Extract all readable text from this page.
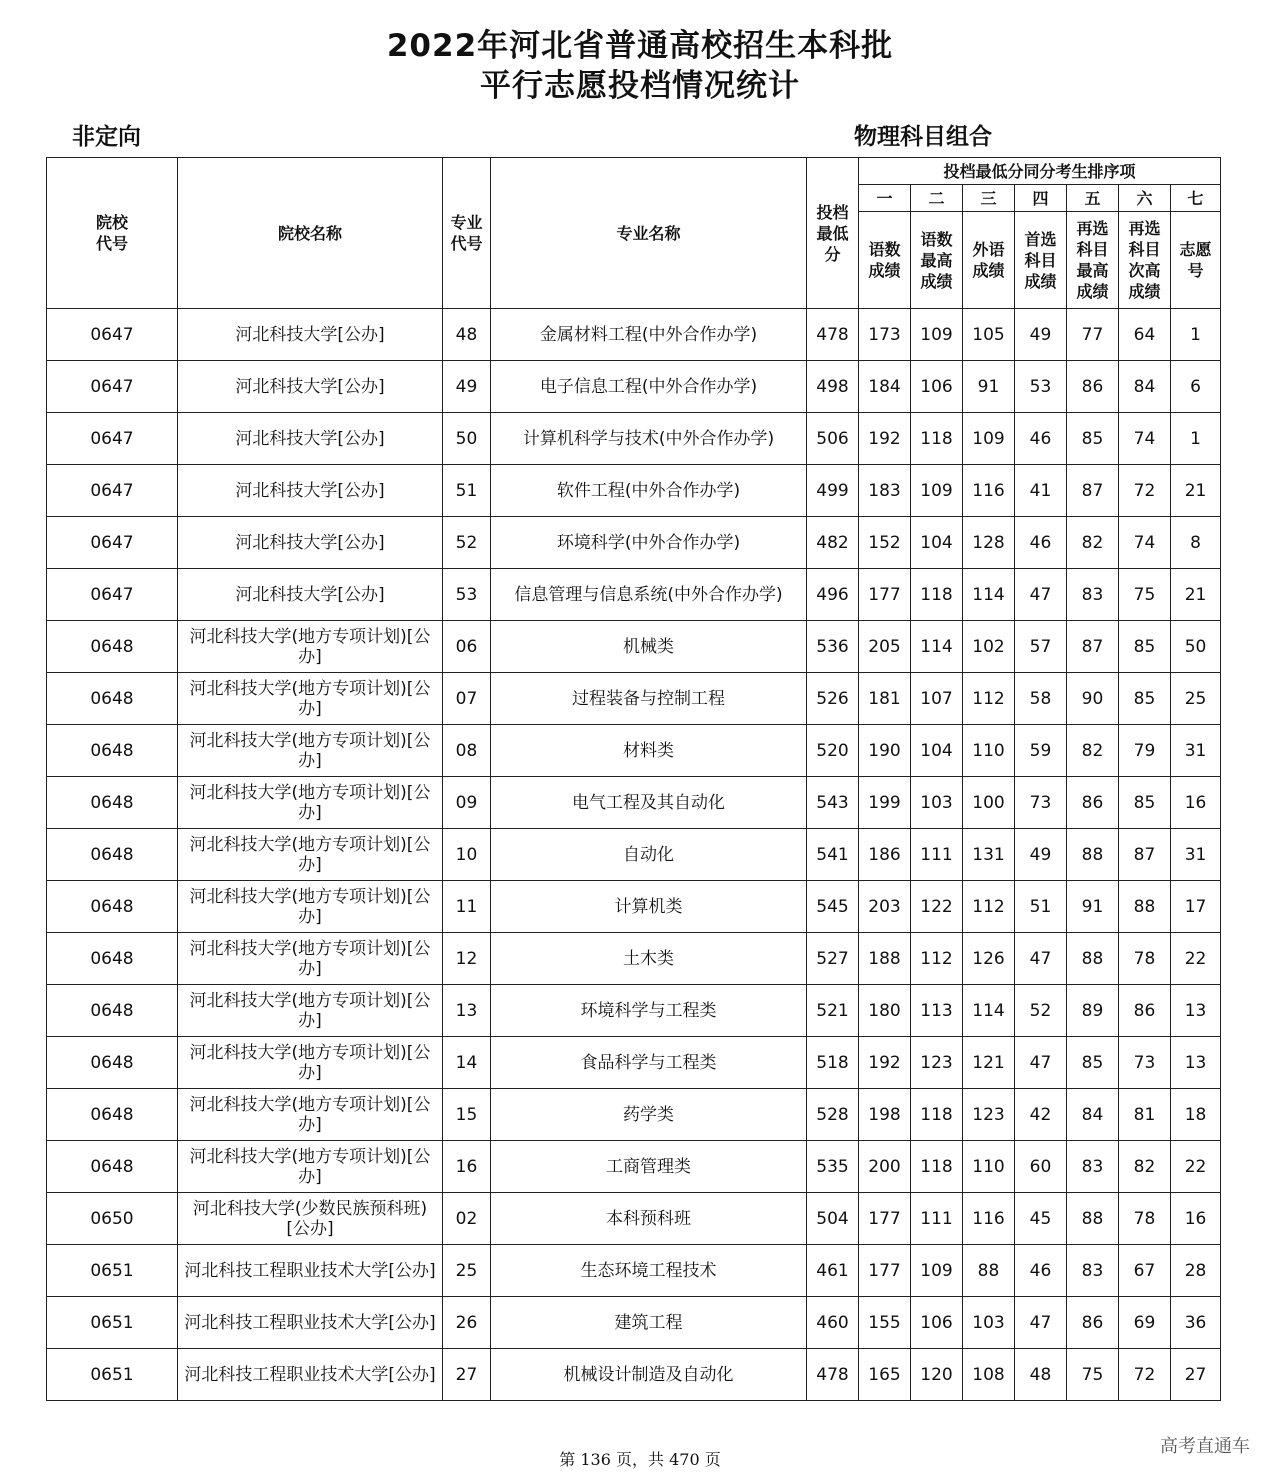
2022年河北省普通高校招生本科批
平行志愿投档情况统计
非定向	物理科目组合
院校代号	院校名称	专业代号	专业名称	投档最低分	投档最低分同分考生排序项						
					一	二	三	四	五	六	七

					语数成绩	语数最高成绩	外语成绩	首选科目成绩	再选科目最高成绩	再选科目次高成绩	志愿号

0647	河北科技大学[公办]	48	金属材料工程(中外合作办学)	478	173	109	105	49	77	64	1
0647	河北科技大学[公办]	49	电子信息工程(中外合作办学)	498	184	106	91	53	86	84	6
0647	河北科技大学[公办]	50	计算机科学与技术(中外合作办学)	506	192	118	109	46	85	74	1
0647	河北科技大学[公办]	51	软件工程(中外合作办学)	499	183	109	116	41	87	72	21
0647	河北科技大学[公办]	52	环境科学(中外合作办学)	482	152	104	128	46	82	74	8
0647	河北科技大学[公办]	53	信息管理与信息系统(中外合作办学)	496	177	118	114	47	83	75	21
0648	河北科技大学(地方专项计划)[公办]	06	机械类	536	205	114	102	57	87	85	50
0648	河北科技大学(地方专项计划)[公办]	07	过程装备与控制工程	526	181	107	112	58	90	85	25
0648	河北科技大学(地方专项计划)[公办]	08	材料类	520	190	104	110	59	82	79	31
0648	河北科技大学(地方专项计划)[公办]	09	电气工程及其自动化	543	199	103	100	73	86	85	16
0648	河北科技大学(地方专项计划)[公办]	10	自动化	541	186	111	131	49	88	87	31
0648	河北科技大学(地方专项计划)[公办]	11	计算机类	545	203	122	112	51	91	88	17
0648	河北科技大学(地方专项计划)[公办]	12	土木类	527	188	112	126	47	88	78	22
0648	河北科技大学(地方专项计划)[公办]	13	环境科学与工程类	521	180	113	114	52	89	86	13
0648	河北科技大学(地方专项计划)[公办]	14	食品科学与工程类	518	192	123	121	47	85	73	13
0648	河北科技大学(地方专项计划)[公办]	15	药学类	528	198	118	123	42	84	81	18
0648	河北科技大学(地方专项计划)[公办]	16	工商管理类	535	200	118	110	60	83	82	22
0650	河北科技大学(少数民族预科班)[公办]	02	本科预科班	504	177	111	116	45	88	78	16
0651	河北科技工程职业技术大学[公办]	25	生态环境工程技术	461	177	109	88	46	83	67	28
0651	河北科技工程职业技术大学[公办]	26	建筑工程	460	155	106	103	47	86	69	36
0651	河北科技工程职业技术大学[公办]	27	机械设计制造及自动化	478	165	120	108	48	75	72	27
第 136 页，共 470 页
高考直通车
